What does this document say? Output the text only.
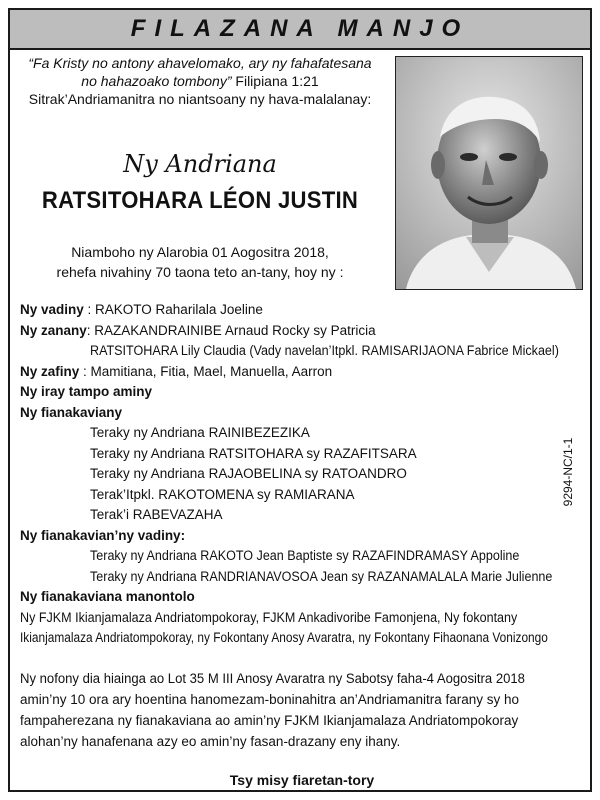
FILAZANA MANJO
“Fa Kristy no antony ahavelomako, ary ny fahafatesana
no hahazoako tombony” Filipiana 1:21
Sitrak’Andriamanitra no niantsoany ny hava-malalanay:
Ny Andriana
RATSITOHARA LÉON JUSTIN
Niamboho ny Alarobia 01 Aogositra 2018,
rehefa nivahiny 70 taona teto an-tany, hoy ny :
Ny vadiny : RAKOTO Raharilala Joeline
Ny zanany: RAZAKANDRAINIBE Arnaud Rocky sy Patricia
RATSITOHARA Lily Claudia (Vady navelan’Itpkl. RAMISARIJAONA Fabrice Mickael)
Ny zafiny : Mamitiana, Fitia, Mael, Manuella, Aarron
Ny iray tampo aminy
Ny fianakaviany
Teraky ny Andriana RAINIBEZEZIKA
Teraky ny Andriana RATSITOHARA sy RAZAFITSARA
Teraky ny Andriana RAJAOBELINA sy RATOANDRO
Terak’Itpkl. RAKOTOMENA sy RAMIARANA
Terak’i RABEVAZAHA
Ny fianakavian’ny vadiny:
Teraky ny Andriana RAKOTO Jean Baptiste sy RAZAFINDRAMASY Appoline
Teraky ny Andriana RANDRIANAVOSOA Jean sy RAZANAMALALA Marie Julienne
Ny fianakaviana manontolo
Ny FJKM Ikianjamalaza Andriatompokoray, FJKM Ankadivoribe Famonjena, Ny fokontany
Ikianjamalaza Andriatompokoray, ny Fokontany Anosy Avaratra, ny Fokontany Fihaonana Vonizongo
9294-NC/1-1
Ny nofony dia hiainga ao Lot 35 M III Anosy Avaratra ny Sabotsy faha-4 Aogositra 2018
amin’ny 10 ora ary hoentina hanomezam-boninahitra an’Andriamanitra farany sy ho
fampaherezana ny fianakaviana ao amin’ny FJKM Ikianjamalaza Andriatompokoray
alohan’ny hanafenana azy eo amin’ny fasan-drazany eny ihany.
Tsy misy fiaretan-tory
